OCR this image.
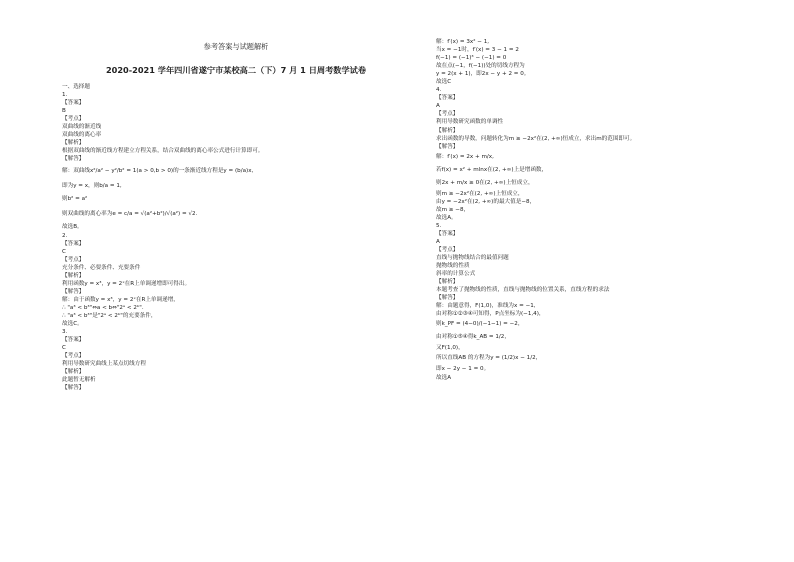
参考答案与试题解析
2020-2021 学年四川省遂宁市某校高二（下）7 月 1 日周考数学试卷
一、选择题
1.
【答案】
B
【考点】
双曲线的渐近线
双曲线的离心率
【解析】
根据双曲线的渐近线方程建立方程关系，结合双曲线的离心率公式进行计算即可。
【解答】
解：双曲线x²/a² − y²/b² = 1(a > 0,b > 0)的一条渐近线方程是y = (b/a)x,
即为y = x，则b/a = 1,
则b² = a²
则双曲线的离心率为e = c/a = √(a²+b²)/√(a²) = √2.
故选B。
2.
【答案】
C
【考点】
充分条件、必要条件、充要条件
【解析】
利用函数y = x³，y = 2ˣ在R上单调递增即可得出。
【解答】
解：由于函数y = x³，y = 2ˣ在R上单调递增，
∴ "a³ < b³"⇔a < b⇔"2ᵃ < 2ᵇ".
∴ "a³ < b³"是"2ᵃ < 2ᵇ"的充要条件，
故选C。
3.
【答案】
C
【考点】
利用导数研究曲线上某点切线方程
【解析】
此题暂无解析
【解答】
解：f′(x) = 3x² − 1,
当x = −1时，f′(x) = 3 − 1 = 2
f(−1) = (−1)³ − (−1) = 0
故在点(−1，f(−1))处的切线方程为
y = 2(x + 1)，即2x − y + 2 = 0。
故选C
4.
【答案】
A
【考点】
利用导数研究函数的单调性
【解析】
求出函数的导数，问题转化为m ≥ −2x²在(2, +∞)恒成立，求出m的范围即可。
【解答】
解：f′(x) = 2x + m/x,
若f(x) = x² + mlnx在(2, +∞)上是增函数，
则2x + m/x ≥ 0在(2, +∞)上恒成立，
则m ≥ −2x²在(2, +∞)上恒成立，
由y = −2x²在(2, +∞)的最大值是−8，
故m ≥ −8，
故选A。
5.
【答案】
A
【考点】
直线与抛物线结合的最值问题
抛物线的性质
斜率的计算公式
【解析】
本题考查了抛物线的性质，直线与抛物线的位置关系，直线方程的求法
【解答】
解：由题意得，F(1,0)，准线为x = −1,
由对称①②③④可知得，P点坐标为(−1,4)，
则k_PF = (4−0)/(−1−1) = −2，
由对称①⑤④得k_AB = 1/2，
又F(1,0)，
所以直线AB 的方程为y = (1/2)x − 1/2，
即x − 2y − 1 = 0。
故选A
